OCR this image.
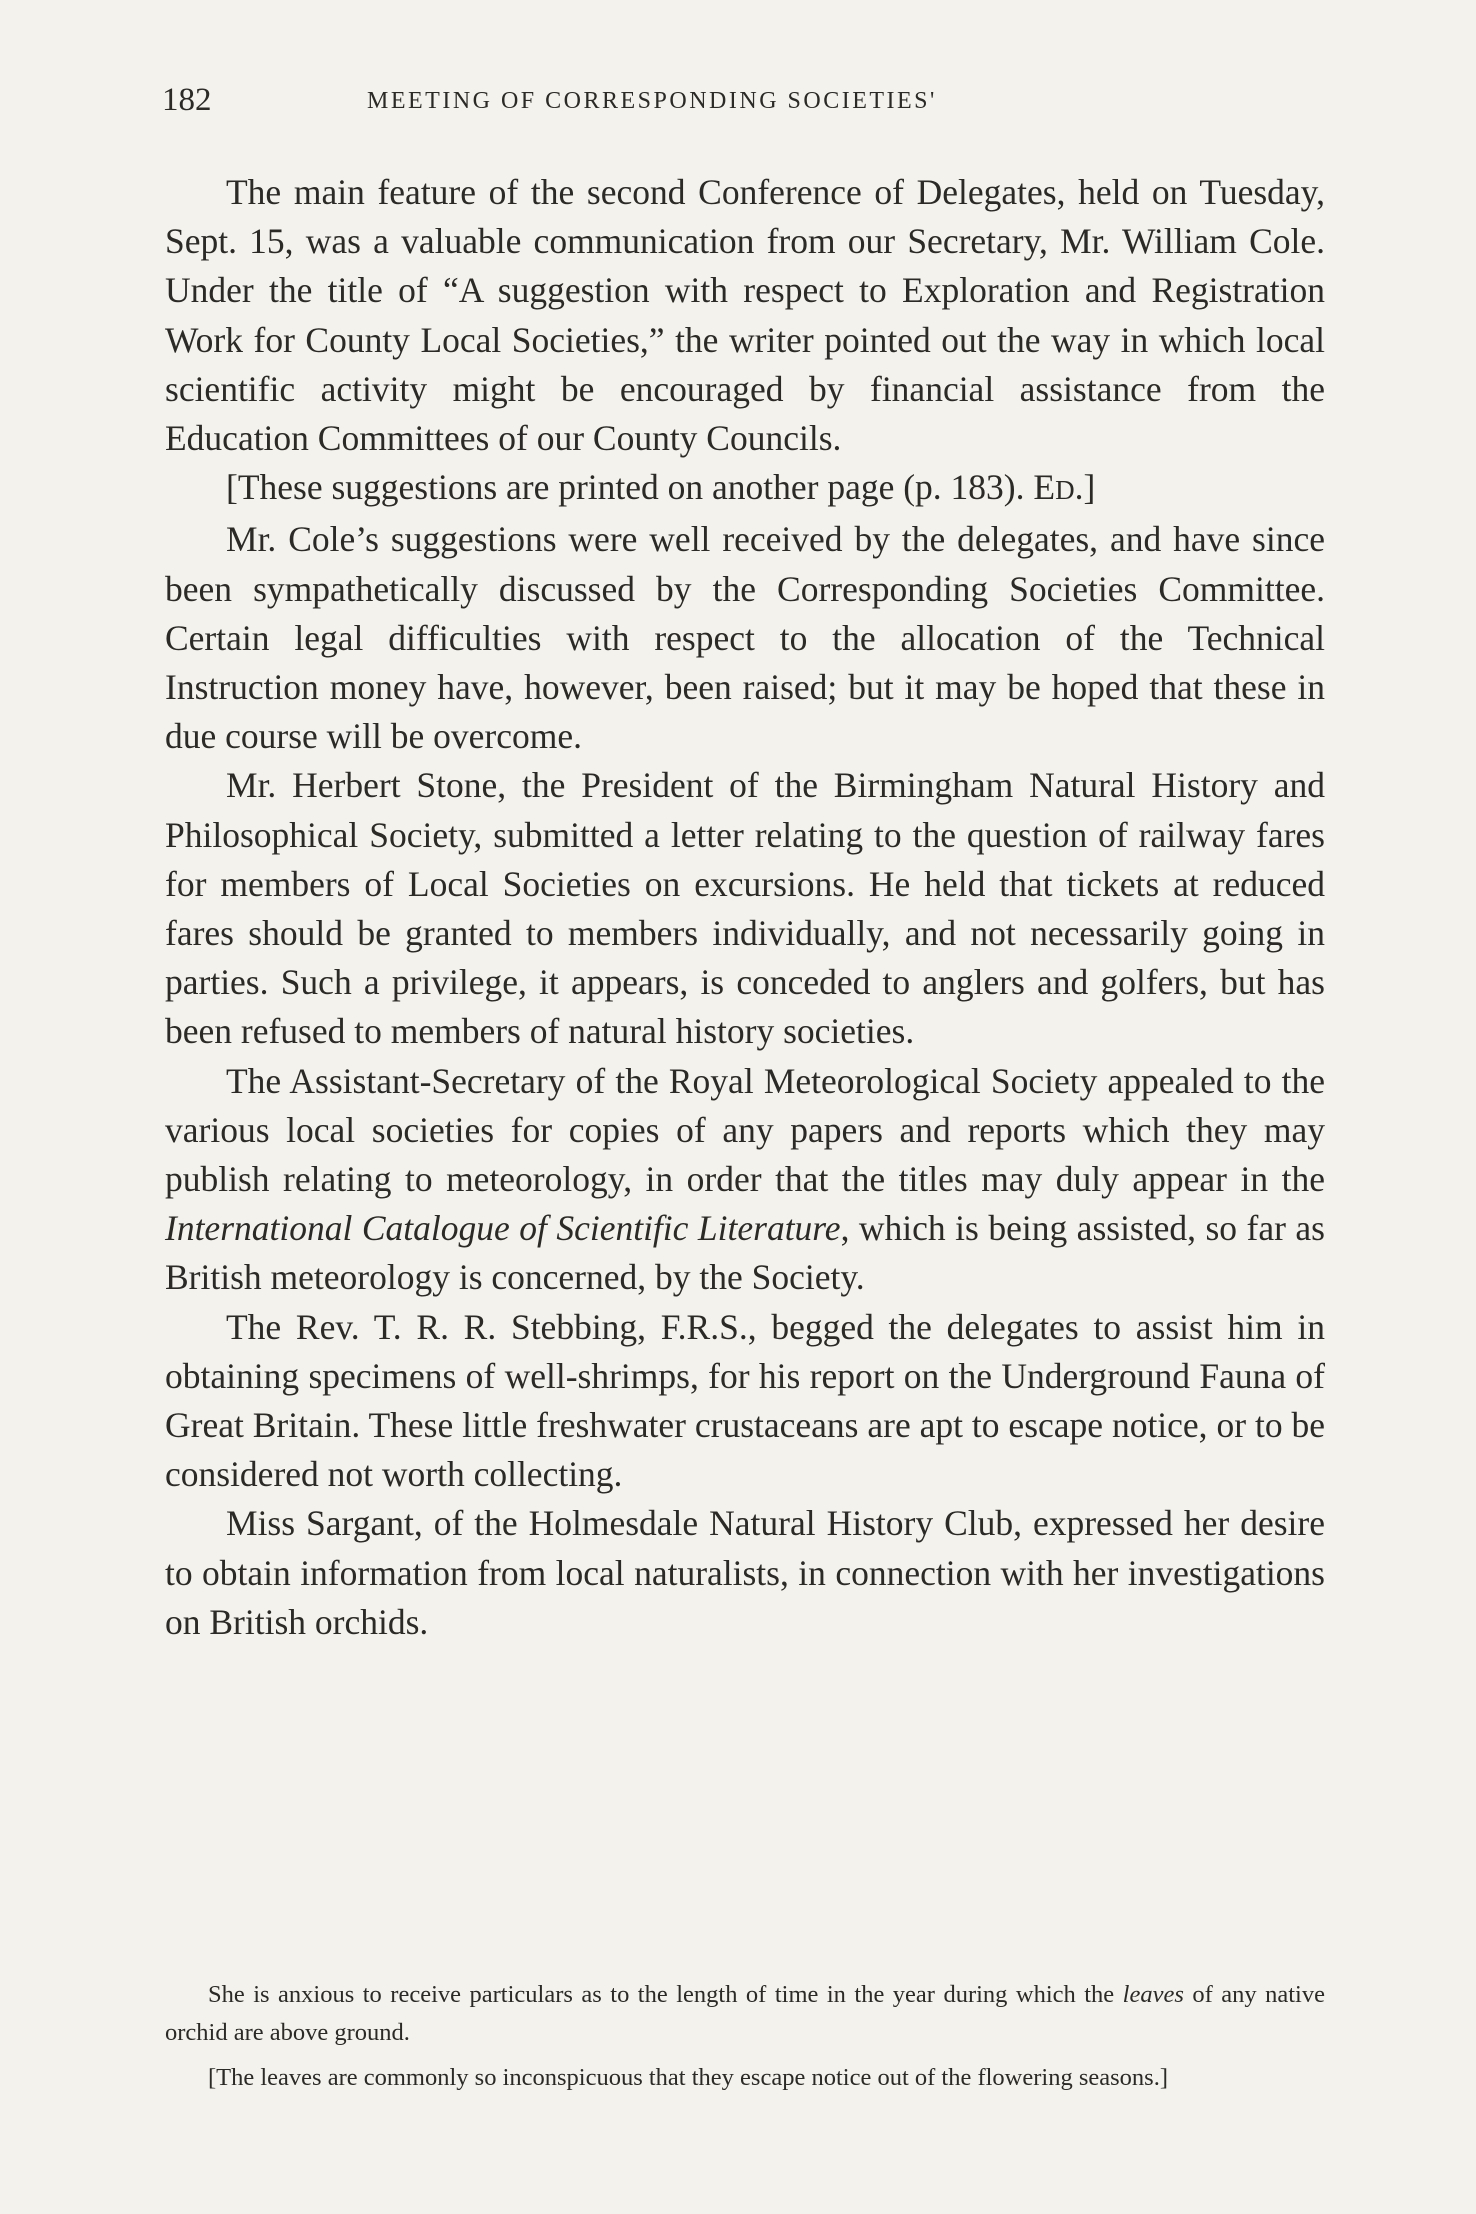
182	MEETING OF CORRESPONDING SOCIETIES'

The main feature of the second Conference of Delegates, held on Tuesday, Sept. 15, was a valuable communication from our Secretary, Mr. William Cole. Under the title of “A suggestion with respect to Exploration and Registration Work for County Local Societies,” the writer pointed out the way in which local scientific activity might be encouraged by financial assistance from the Education Committees of our County Councils.

[These suggestions are printed on another page (p. 183). ED.]

Mr. Cole’s suggestions were well received by the delegates, and have since been sympathetically discussed by the Corresponding Societies Committee. Certain legal difficulties with respect to the allocation of the Technical Instruction money have, however, been raised; but it may be hoped that these in due course will be overcome.

Mr. Herbert Stone, the President of the Birmingham Natural History and Philosophical Society, submitted a letter relating to the question of railway fares for members of Local Societies on excursions. He held that tickets at reduced fares should be granted to members individually, and not necessarily going in parties. Such a privilege, it appears, is conceded to anglers and golfers, but has been refused to members of natural history societies.

The Assistant-Secretary of the Royal Meteorological Society appealed to the various local societies for copies of any papers and reports which they may publish relating to meteorology, in order that the titles may duly appear in the International Catalogue of Scientific Literature, which is being assisted, so far as British meteorology is concerned, by the Society.

The Rev. T. R. R. Stebbing, F.R.S., begged the delegates to assist him in obtaining specimens of well-shrimps, for his report on the Underground Fauna of Great Britain. These little freshwater crustaceans are apt to escape notice, or to be considered not worth collecting.

Miss Sargant, of the Holmesdale Natural History Club, expressed her desire to obtain information from local naturalists, in connection with her investigations on British orchids.

She is anxious to receive particulars as to the length of time in the year during which the leaves of any native orchid are above ground.

[The leaves are commonly so inconspicuous that they escape notice out of the flowering seasons.]
